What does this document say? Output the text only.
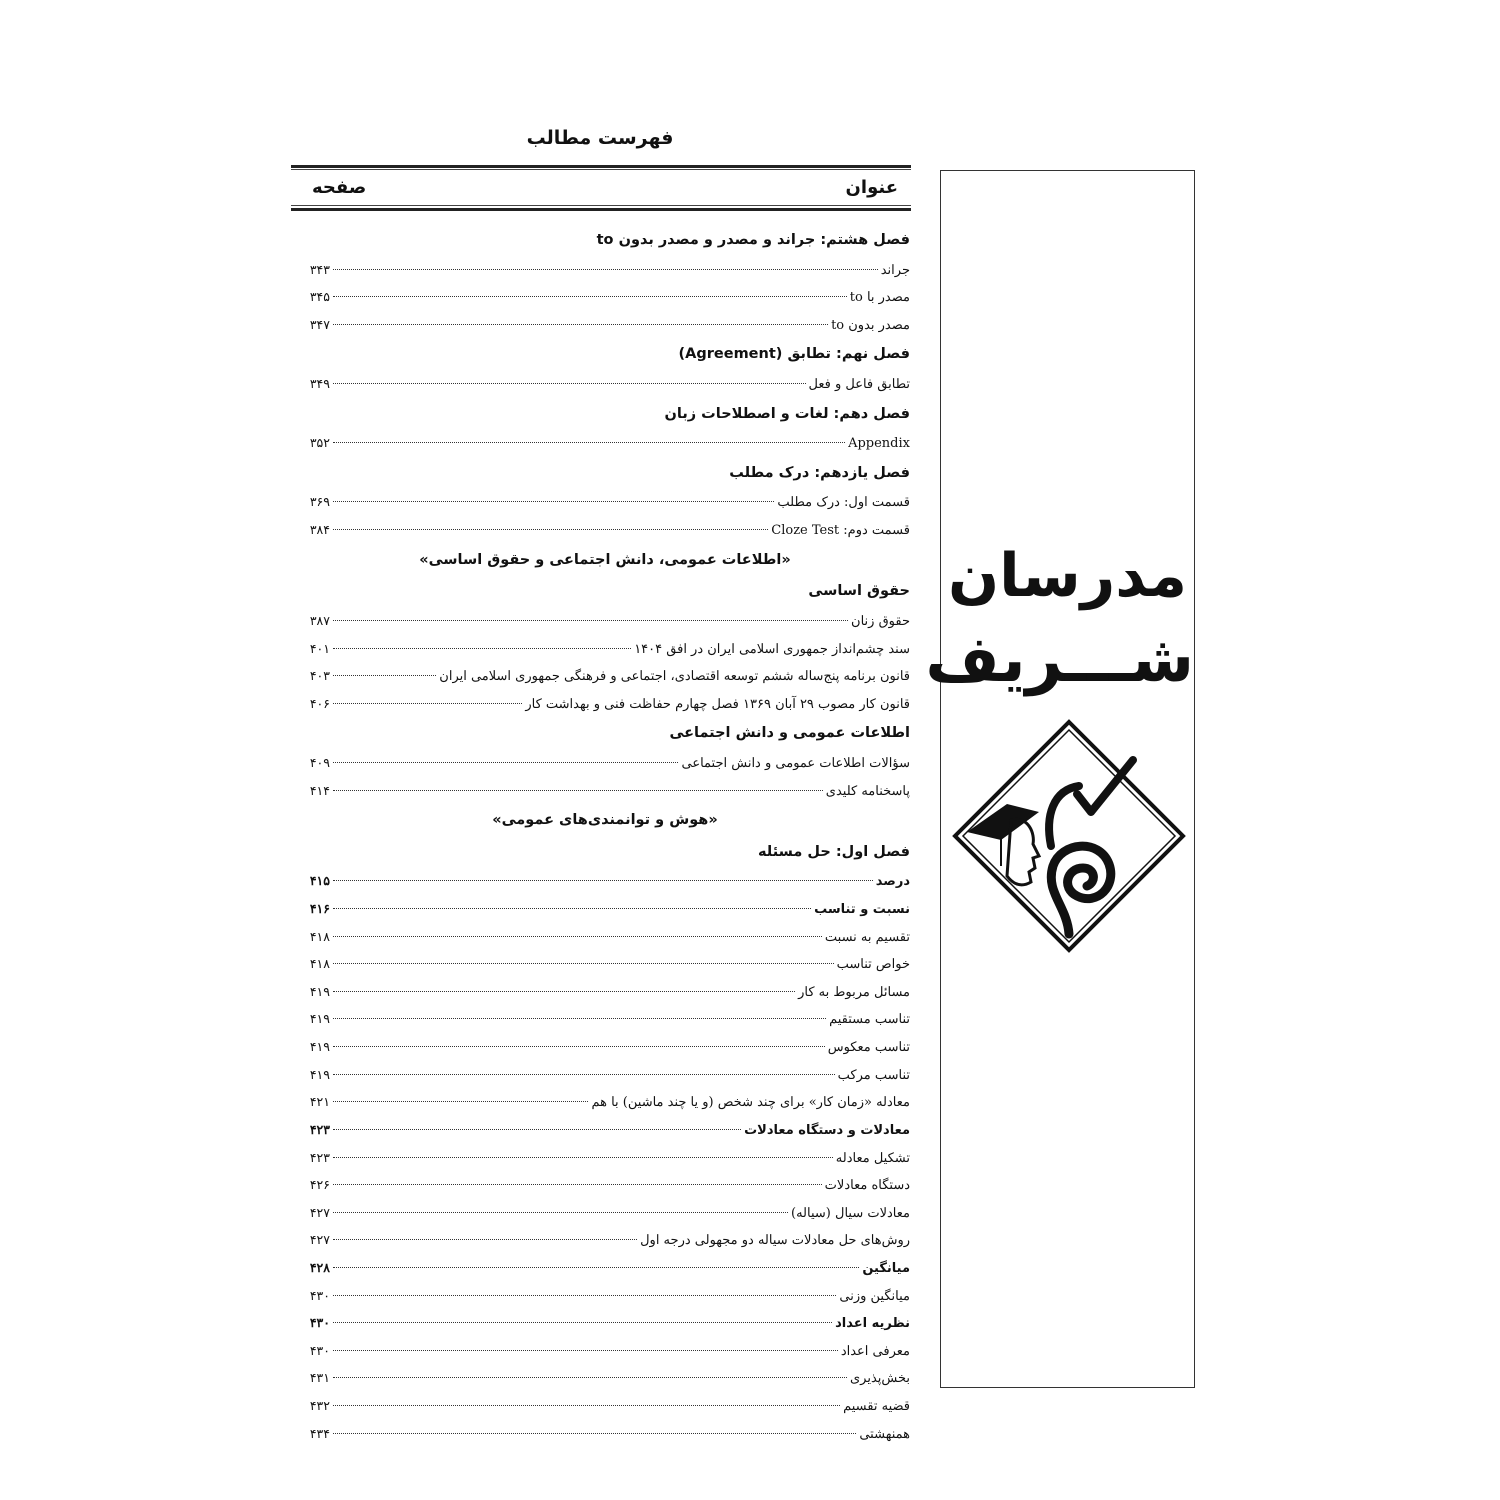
فهرست مطالب
عنوان
صفحه
فصل هشتم: جراند و مصدر و مصدر بدون to
جراند
۳۴۳
مصدر با to
۳۴۵
مصدر بدون to
۳۴۷
فصل نهم: تطابق (Agreement)
تطابق فاعل و فعل
۳۴۹
فصل دهم: لغات و اصطلاحات زبان
Appendix
۳۵۲
فصل یازدهم: درک مطلب
قسمت اول: درک مطلب
۳۶۹
قسمت دوم: Cloze Test
۳۸۴
«اطلاعات عمومی، دانش اجتماعی و حقوق اساسی»
حقوق اساسی
حقوق زنان
۳۸۷
سند چشم‌انداز جمهوری اسلامی ایران در افق ۱۴۰۴
۴۰۱
قانون برنامه پنج‌ساله ششم توسعه اقتصادی، اجتماعی و فرهنگی جمهوری اسلامی ایران
۴۰۳
قانون کار مصوب ۲۹ آبان ۱۳۶۹ فصل چهارم حفاظت فنی و بهداشت کار
۴۰۶
اطلاعات عمومی و دانش اجتماعی
سؤالات اطلاعات عمومی و دانش اجتماعی
۴۰۹
پاسخنامه کلیدی
۴۱۴
«هوش و توانمندی‌های عمومی»
فصل اول: حل مسئله
درصد
۴۱۵
نسبت و تناسب
۴۱۶
تقسیم به نسبت
۴۱۸
خواص تناسب
۴۱۸
مسائل مربوط به کار
۴۱۹
تناسب مستقیم
۴۱۹
تناسب معکوس
۴۱۹
تناسب مرکب
۴۱۹
معادله «زمان کار» برای چند شخص (و یا چند ماشین) با هم
۴۲۱
معادلات و دستگاه معادلات
۴۲۳
تشکیل معادله
۴۲۳
دستگاه معادلات
۴۲۶
معادلات سیال (سیاله)
۴۲۷
روش‌های حل معادلات سیاله دو مجهولی درجه اول
۴۲۷
میانگین
۴۲۸
میانگین وزنی
۴۳۰
نظریه اعداد
۴۳۰
معرفی اعداد
۴۳۰
بخش‌پذیری
۴۳۱
قضیه تقسیم
۴۳۲
همنهشتی
۴۳۴
مدرسان
شـــریف
